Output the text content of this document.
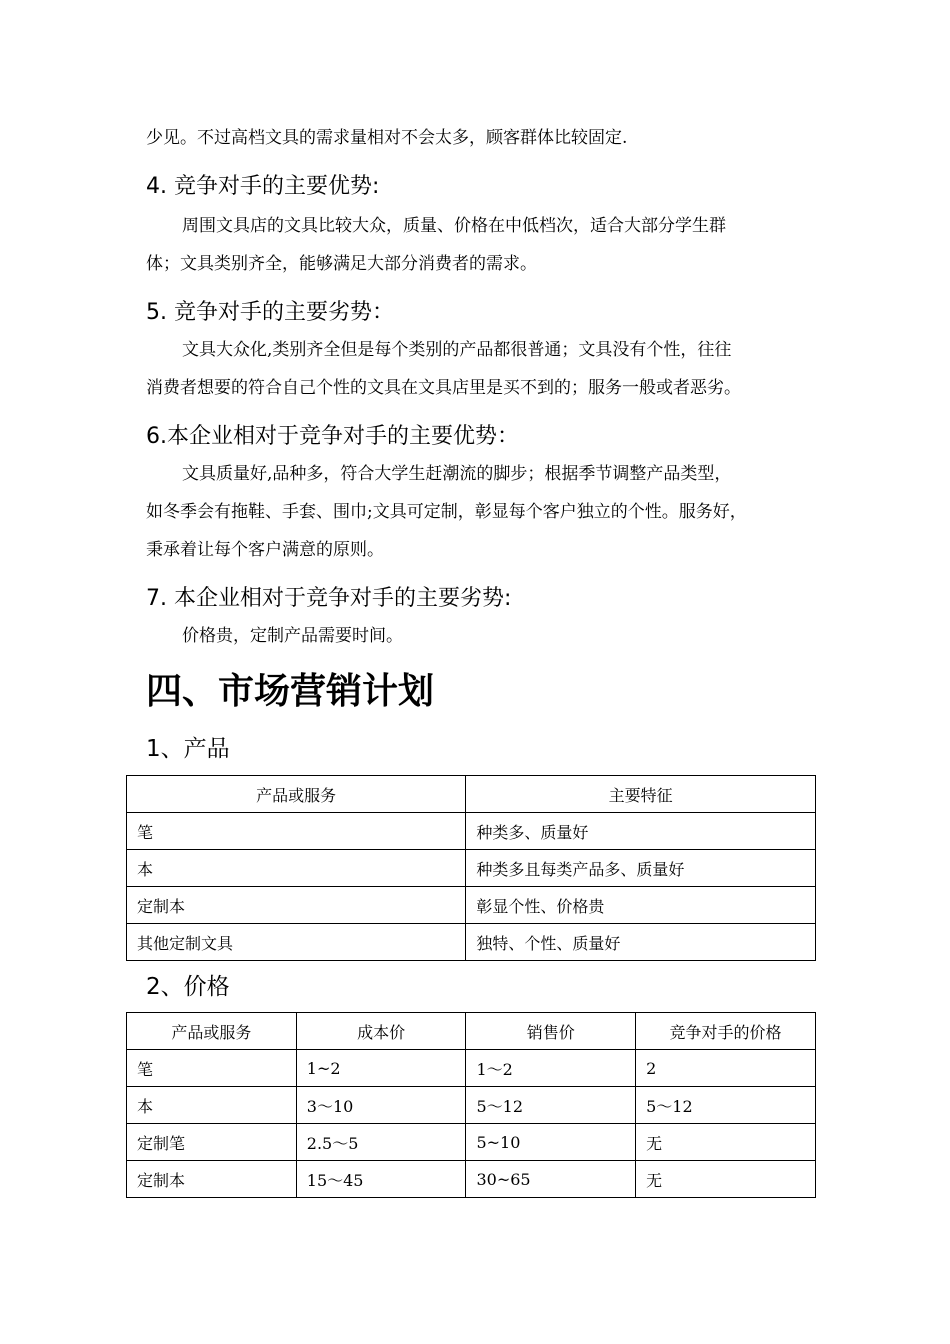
少见。不过高档文具的需求量相对不会太多，顾客群体比较固定.
4. 竞争对手的主要优势:
周围文具店的文具比较大众，质量、价格在中低档次，适合大部分学生群
体；文具类别齐全，能够满足大部分消费者的需求。
5. 竞争对手的主要劣势：
文具大众化,类别齐全但是每个类别的产品都很普通；文具没有个性，往往
消费者想要的符合自己个性的文具在文具店里是买不到的；服务一般或者恶劣。
6.本企业相对于竞争对手的主要优势：
文具质量好,品种多，符合大学生赶潮流的脚步；根据季节调整产品类型，
如冬季会有拖鞋、手套、围巾;文具可定制，彰显每个客户独立的个性。服务好，
秉承着让每个客户满意的原则。
7. 本企业相对于竞争对手的主要劣势:
价格贵，定制产品需要时间。
四、市场营销计划
1、产品
产品或服务	主要特征
笔	种类多、质量好
本	种类多且每类产品多、质量好
定制本	彰显个性、价格贵
其他定制文具	独特、个性、质量好
2、价格
产品或服务	成本价	销售价	竞争对手的价格
笔	1~2	1～2	2
本	3～10	5～12	5～12
定制笔	2.5～5	5~10	无
定制本	15～45	30~65	无
